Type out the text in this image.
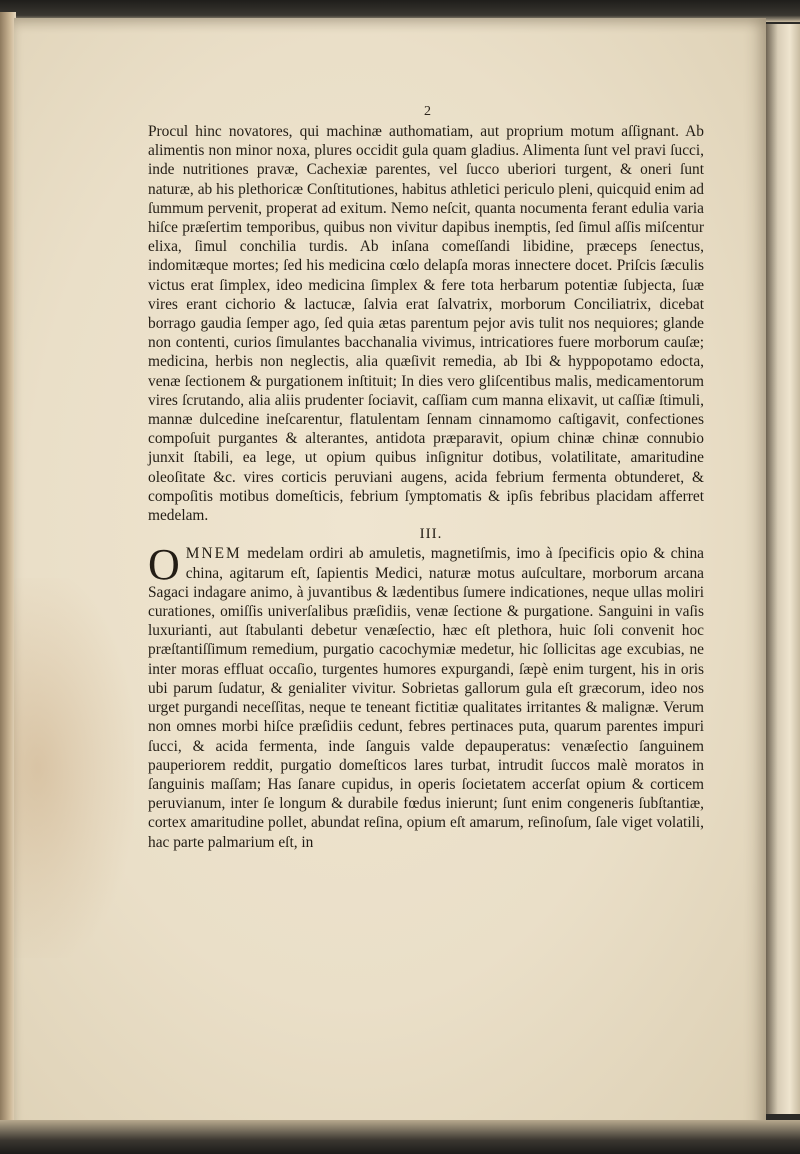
2

Procul hinc novatores, qui machinæ authomatiam, aut proprium motum aſſignant. Ab alimentis non minor noxa, plures occidit gula quam gladius. Alimenta ſunt vel pravi ſucci, inde nutritiones pravæ, Cachexiæ parentes, vel ſucco uberiori turgent, & oneri ſunt naturæ, ab his plethoricæ Conſtitutiones, habitus athletici periculo pleni, quicquid enim ad ſummum pervenit, properat ad exitum. Nemo neſcit, quanta nocumenta ferant edulia varia hiſce præſertim temporibus, quibus non vivitur dapibus inemptis, ſed ſimul aſſis miſcentur elixa, ſimul conchilia turdis. Ab inſana comeſſandi libidine, præceps ſenectus, indomitæque mortes; ſed his medicina cœlo delapſa moras innectere docet. Priſcis ſæculis victus erat ſimplex, ideo medicina ſimplex & fere tota herbarum potentiæ ſubjecta, ſuæ vires erant cichorio & lactucæ, ſalvia erat ſalvatrix, morborum Conciliatrix, dicebat borrago gaudia ſemper ago, ſed quia ætas parentum pejor avis tulit nos nequiores; glande non contenti, curios ſimulantes bacchanalia vivimus, intricatiores fuere morborum cauſæ; medicina, herbis non neglectis, alia quæſivit remedia, ab Ibi & hyppopotamo edocta, venæ ſectionem & purgationem inſtituit; In dies vero gliſcentibus malis, medicamentorum vires ſcrutando, alia aliis prudenter ſociavit, caſſiam cum manna elixavit, ut caſſiæ ſtimuli, mannæ dulcedine ineſcarentur, flatulentam ſennam cinnamomo caſtigavit, confectiones compoſuit purgantes & alterantes, antidota præparavit, opium chinæ chinæ connubio junxit ſtabili, ea lege, ut opium quibus inſignitur dotibus, volatilitate, amaritudine oleoſitate &c. vires corticis peruviani augens, acida febrium fermenta obtunderet, & compoſitis motibus domeſticis, febrium ſymptomatis & ipſis febribus placidam afferret medelam.

III.

OMNEM medelam ordiri ab amuletis, magnetiſmis, imo à ſpecificis opio & china china, agitarum eſt, ſapientis Medici, naturæ motus auſcultare, morborum arcana Sagaci indagare animo, à juvantibus & lædentibus ſumere indicationes, neque ullas moliri curationes, omiſſis univerſalibus præſidiis, venæ ſectione & purgatione. Sanguini in vaſis luxurianti, aut ſtabulanti debetur venæſectio, hæc eſt plethora, huic ſoli convenit hoc præſtantiſſimum remedium, purgatio cacochymiæ medetur, hic ſollicitas age excubias, ne inter moras effluat occaſio, turgentes humores expurgandi, ſæpè enim turgent, his in oris ubi parum ſudatur, & genialiter vivitur. Sobrietas gallorum gula eſt græcorum, ideo nos urget purgandi neceſſitas, neque te teneant fictitiæ qualitates irritantes & malignæ. Verum non omnes morbi hiſce præſidiis cedunt, febres pertinaces puta, quarum parentes impuri ſucci, & acida fermenta, inde ſanguis valde depauperatus: venæſectio ſanguinem pauperiorem reddit, purgatio domeſticos lares turbat, intrudit ſuccos malè moratos in ſanguinis maſſam; Has ſanare cupidus, in operis ſocietatem accerſat opium & corticem peruvianum, inter ſe longum & durabile fœdus inierunt; ſunt enim congeneris ſubſtantiæ, cortex amaritudine pollet, abundat reſina, opium eſt amarum, reſinoſum, ſale viget volatili, hac parte palmarium eſt, in
